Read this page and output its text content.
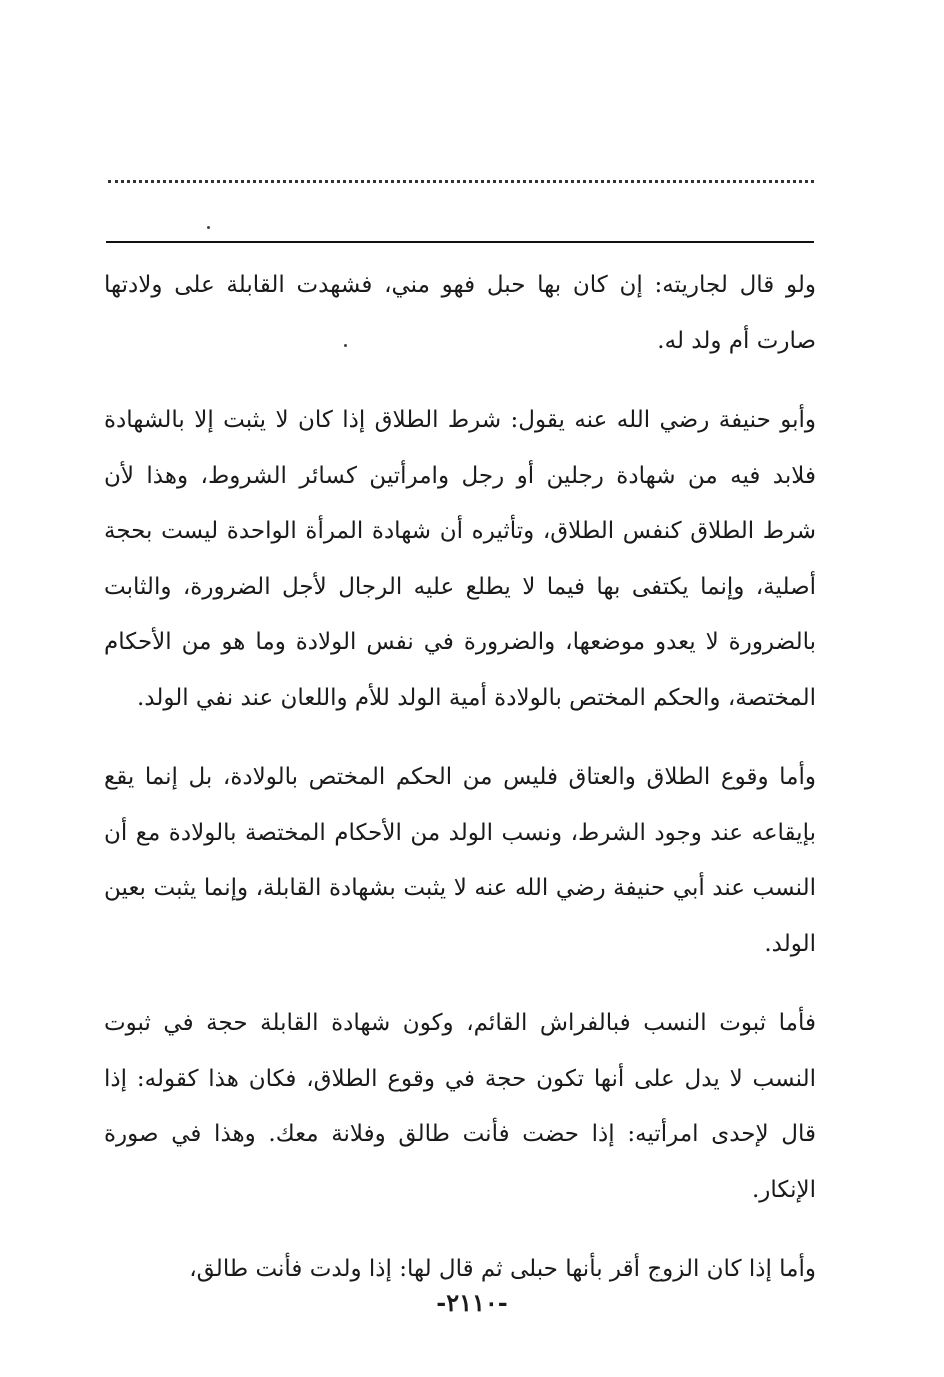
ولو قال لجاريته: إن كان بها حبل فهو مني، فشهدت القابلة على ولادتها صارت أم ولد له.

وأبو حنيفة رضي الله عنه يقول: شرط الطلاق إذا كان لا يثبت إلا بالشهادة فلابد فيه من شهادة رجلين أو رجل وامرأتين كسائر الشروط، وهذا لأن شرط الطلاق كنفس الطلاق، وتأثيره أن شهادة المرأة الواحدة ليست بحجة أصلية، وإنما يكتفى بها فيما لا يطلع عليه الرجال لأجل الضرورة، والثابت بالضرورة لا يعدو موضعها، والضرورة في نفس الولادة وما هو من الأحكام المختصة، والحكم المختص بالولادة أمية الولد للأم واللعان عند نفي الولد.

وأما وقوع الطلاق والعتاق فليس من الحكم المختص بالولادة، بل إنما يقع بإيقاعه عند وجود الشرط، ونسب الولد من الأحكام المختصة بالولادة مع أن النسب عند أبي حنيفة رضي الله عنه لا يثبت بشهادة القابلة، وإنما يثبت بعين الولد.

فأما ثبوت النسب فبالفراش القائم، وكون شهادة القابلة حجة في ثبوت النسب لا يدل على أنها تكون حجة في وقوع الطلاق، فكان هذا كقوله: إذا قال لإحدى امرأتيه: إذا حضت فأنت طالق وفلانة معك. وهذا في صورة الإنكار.

وأما إذا كان الزوج أقر بأنها حبلى ثم قال لها: إذا ولدت فأنت طالق،

-٢١١٠-
